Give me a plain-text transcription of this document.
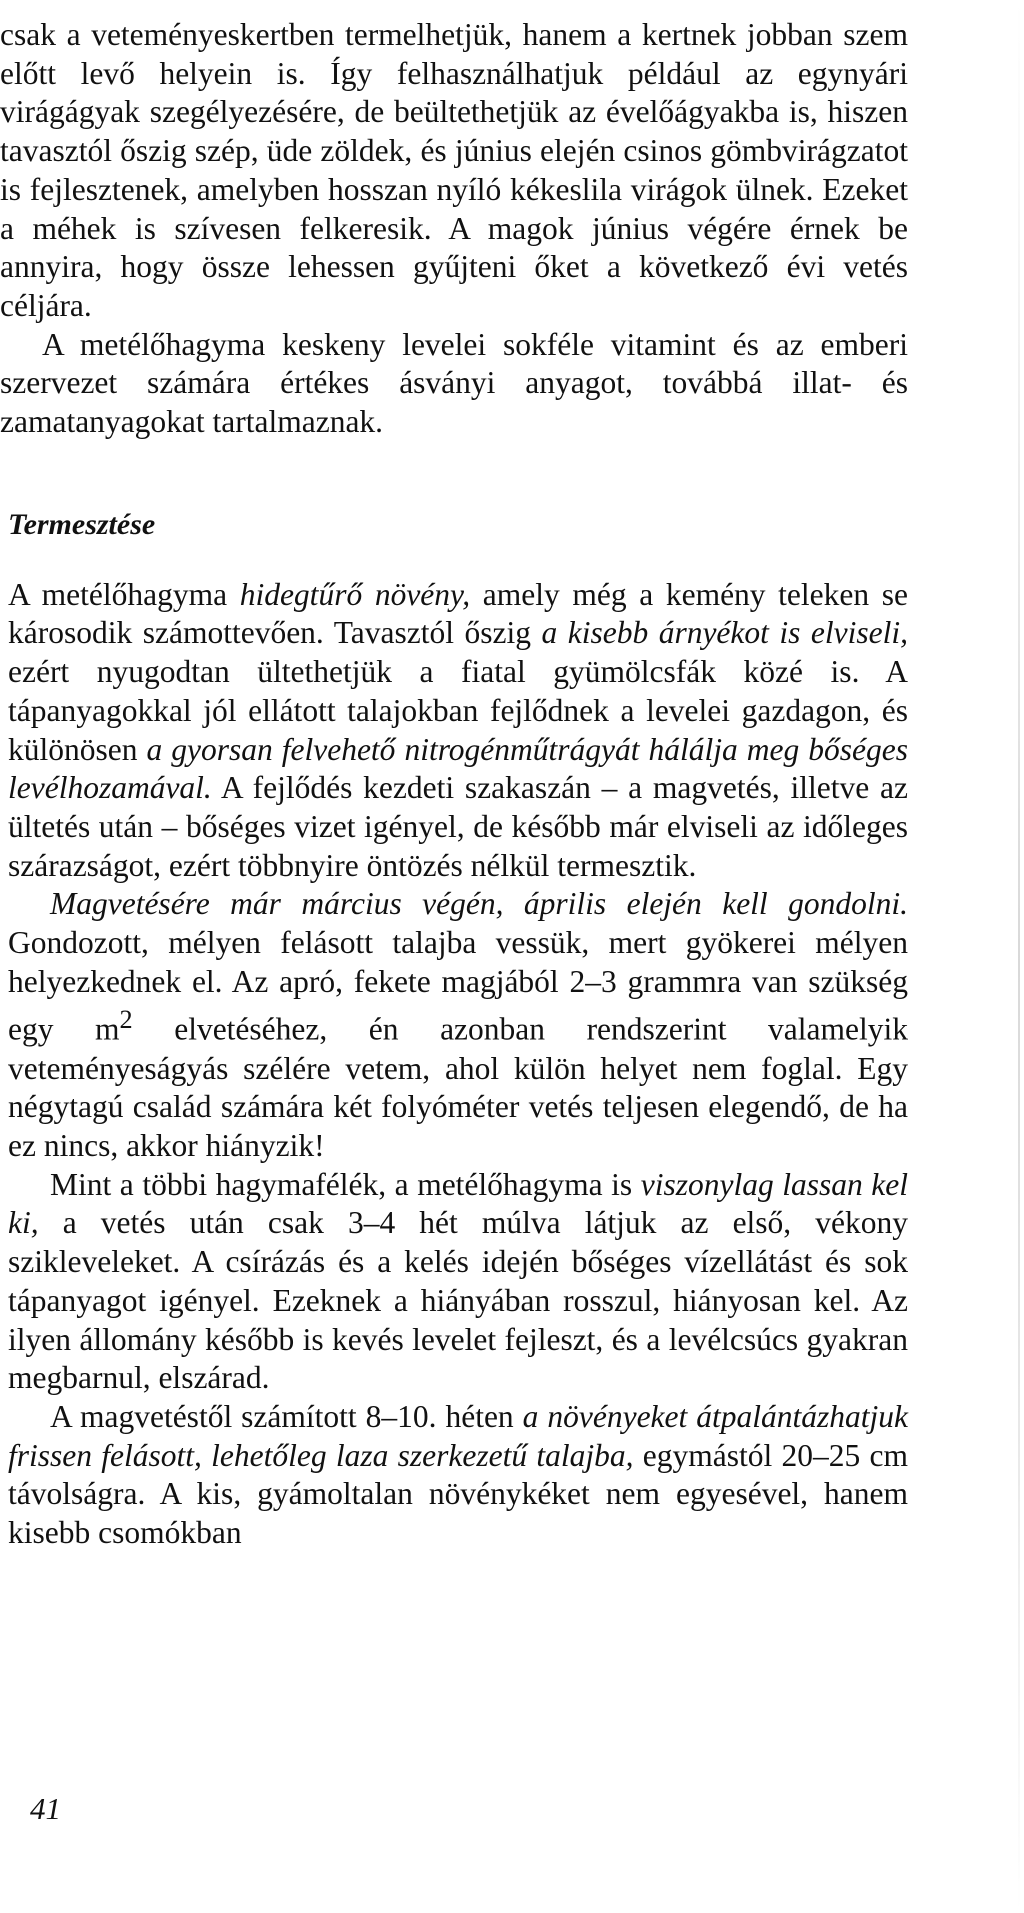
csak a veteményeskertben termelhetjük, hanem a kertnek jobban szem előtt levő helyein is. Így felhasználhatjuk például az egynyári virágágyak szegélyezésére, de beültethetjük az évelőágyakba is, hiszen tavasztól őszig szép, üde zöldek, és június elején csinos gömbvirágzatot is fejlesztenek, amelyben hosszan nyíló kékeslila virágok ülnek. Ezeket a méhek is szívesen felkeresik. A magok június végére érnek be annyira, hogy össze lehessen gyűjteni őket a következő évi vetés céljára.

A metélőhagyma keskeny levelei sokféle vitamint és az emberi szervezet számára értékes ásványi anyagot, továbbá illat- és zamatanyagokat tartalmaznak.

Termesztése

A metélőhagyma hidegtűrő növény, amely még a kemény teleken se károsodik számottevően. Tavasztól őszig a kisebb árnyékot is elviseli, ezért nyugodtan ültethetjük a fiatal gyümölcsfák közé is. A tápanyagokkal jól ellátott talajokban fejlődnek a levelei gazdagon, és különösen a gyorsan felvehető nitrogénműtrágyát hálálja meg bőséges levélhozamával. A fejlődés kezdeti szakaszán – a magvetés, illetve az ültetés után – bőséges vizet igényel, de később már elviseli az időleges szárazságot, ezért többnyire öntözés nélkül termesztik.

Magvetésére már március végén, április elején kell gondolni. Gondozott, mélyen felásott talajba vessük, mert gyökerei mélyen helyezkednek el. Az apró, fekete magjából 2–3 grammra van szükség egy $m^2$ elvetéséhez, én azonban rendszerint valamelyik veteményeságyás szélére vetem, ahol külön helyet nem foglal. Egy négytagú család számára két folyóméter vetés teljesen elegendő, de ha ez nincs, akkor hiányzik!

Mint a többi hagymafélék, a metélőhagyma is viszonylag lassan kel ki, a vetés után csak 3–4 hét múlva látjuk az első, vékony szikleveleket. A csírázás és a kelés idején bőséges vízellátást és sok tápanyagot igényel. Ezeknek a hiányában rosszul, hiányosan kel. Az ilyen állomány később is kevés levelet fejleszt, és a levélcsúcs gyakran megbarnul, elszárad.

A magvetéstől számított 8–10. héten a növényeket átpalántázhatjuk frissen felásott, lehetőleg laza szerkezetű talajba, egymástól 20–25 cm távolságra. A kis, gyámoltalan növénykéket nem egyesével, hanem kisebb csomókban

41
